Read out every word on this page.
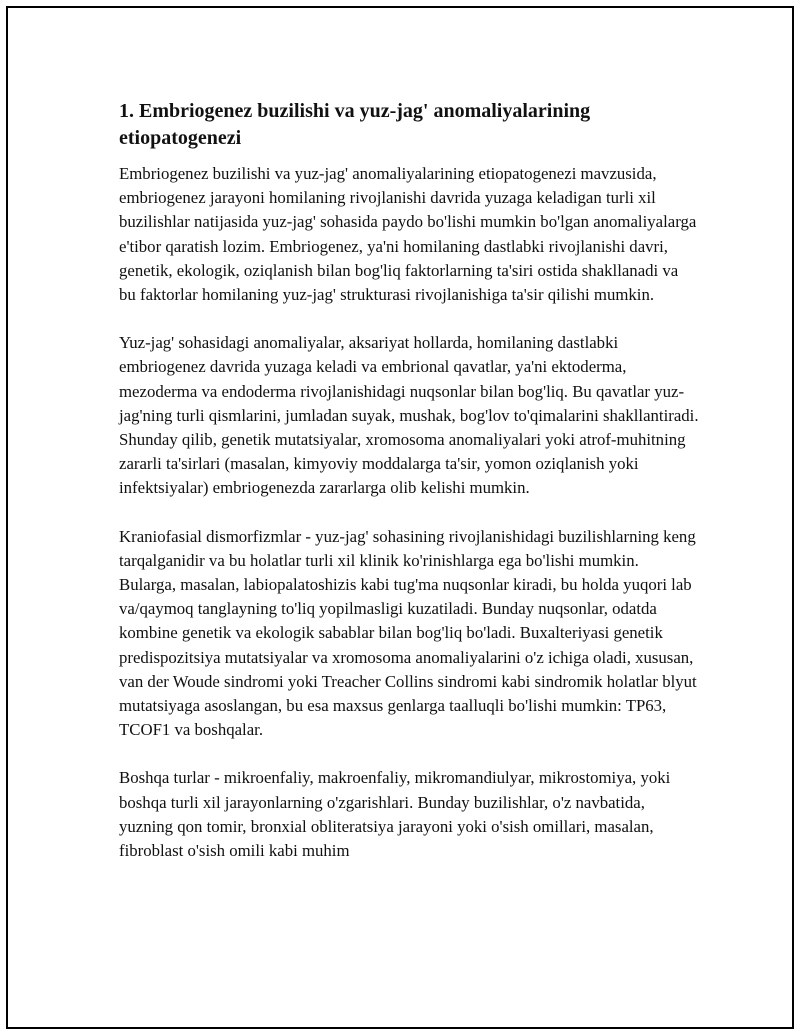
1. Embriogenez buzilishi va yuz-jag' anomaliyalarining etiopatogenezi

Embriogenez buzilishi va yuz-jag' anomaliyalarining etiopatogenezi mavzusida, embriogenez jarayoni homilaning rivojlanishi davrida yuzaga keladigan turli xil buzilishlar natijasida yuz-jag' sohasida paydo bo'lishi mumkin bo'lgan anomaliyalarga e'tibor qaratish lozim. Embriogenez, ya'ni homilaning dastlabki rivojlanishi davri, genetik, ekologik, oziqlanish bilan bog'liq faktorlarning ta'siri ostida shakllanadi va bu faktorlar homilaning yuz-jag' strukturasi rivojlanishiga ta'sir qilishi mumkin.

Yuz-jag' sohasidagi anomaliyalar, aksariyat hollarda, homilaning dastlabki embriogenez davrida yuzaga keladi va embrional qavatlar, ya'ni ektoderma, mezoderma va endoderma rivojlanishidagi nuqsonlar bilan bog'liq. Bu qavatlar yuz-jag'ning turli qismlarini, jumladan suyak, mushak, bog'lov to'qimalarini shakllantiradi. Shunday qilib, genetik mutatsiyalar, xromosoma anomaliyalari yoki atrof-muhitning zararli ta'sirlari (masalan, kimyoviy moddalarga ta'sir, yomon oziqlanish yoki infektsiyalar) embriogenezda zararlarga olib kelishi mumkin.

Kraniofasial dismorfizmlar - yuz-jag' sohasining rivojlanishidagi buzilishlarning keng tarqalganidir va bu holatlar turli xil klinik ko'rinishlarga ega bo'lishi mumkin. Bularga, masalan, labiopalatoshizis kabi tug'ma nuqsonlar kiradi, bu holda yuqori lab va/qaymoq tanglayning to'liq yopilmasligi kuzatiladi. Bunday nuqsonlar, odatda kombine genetik va ekologik sabablar bilan bog'liq bo'ladi. Buxalteriyasi genetik predispozitsiya mutatsiyalar va xromosoma anomaliyalarini o'z ichiga oladi, xususan, van der Woude sindromi yoki Treacher Collins sindromi kabi sindromik holatlar blyut mutatsiyaga asoslangan, bu esa maxsus genlarga taalluqli bo'lishi mumkin: TP63, TCOF1 va boshqalar.

Boshqa turlar - mikroenfaliy, makroenfaliy, mikromandiulyar, mikrostomiya, yoki boshqa turli xil jarayonlarning o'zgarishlari. Bunday buzilishlar, o'z navbatida, yuzning qon tomir, bronxial obliteratsiya jarayoni yoki o'sish omillari, masalan, fibroblast o'sish omili kabi muhim
